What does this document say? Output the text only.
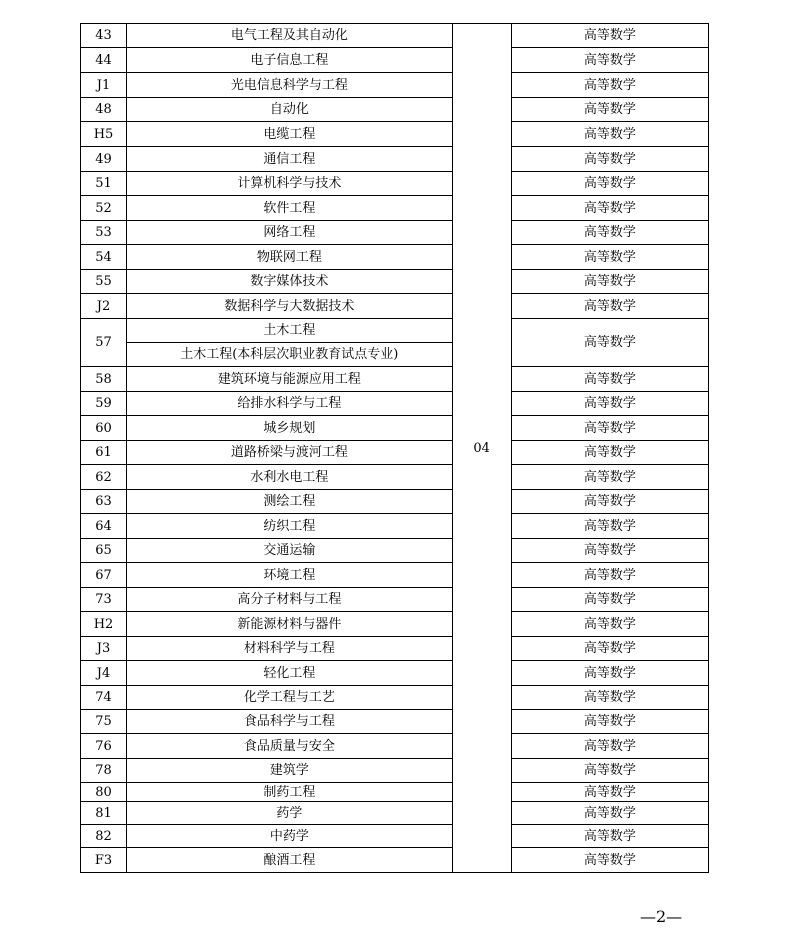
43	电气工程及其自动化	04	高等数学
44	电子信息工程		高等数学
J1	光电信息科学与工程		高等数学
48	自动化		高等数学
H5	电缆工程		高等数学
49	通信工程		高等数学
51	计算机科学与技术		高等数学
52	软件工程		高等数学
53	网络工程		高等数学
54	物联网工程		高等数学
55	数字媒体技术		高等数学
J2	数据科学与大数据技术		高等数学
57	土木工程		高等数学
	土木工程(本科层次职业教育试点专业)		
58	建筑环境与能源应用工程		高等数学
59	给排水科学与工程		高等数学
60	城乡规划		高等数学
61	道路桥梁与渡河工程		高等数学
62	水利水电工程		高等数学
63	测绘工程		高等数学
64	纺织工程		高等数学
65	交通运输		高等数学
67	环境工程		高等数学
73	高分子材料与工程		高等数学
H2	新能源材料与器件		高等数学
J3	材料科学与工程		高等数学
J4	轻化工程		高等数学
74	化学工程与工艺		高等数学
75	食品科学与工程		高等数学
76	食品质量与安全		高等数学
78	建筑学		高等数学
80	制药工程		高等数学
81	药学		高等数学
82	中药学		高等数学
F3	酿酒工程		高等数学
—2—
